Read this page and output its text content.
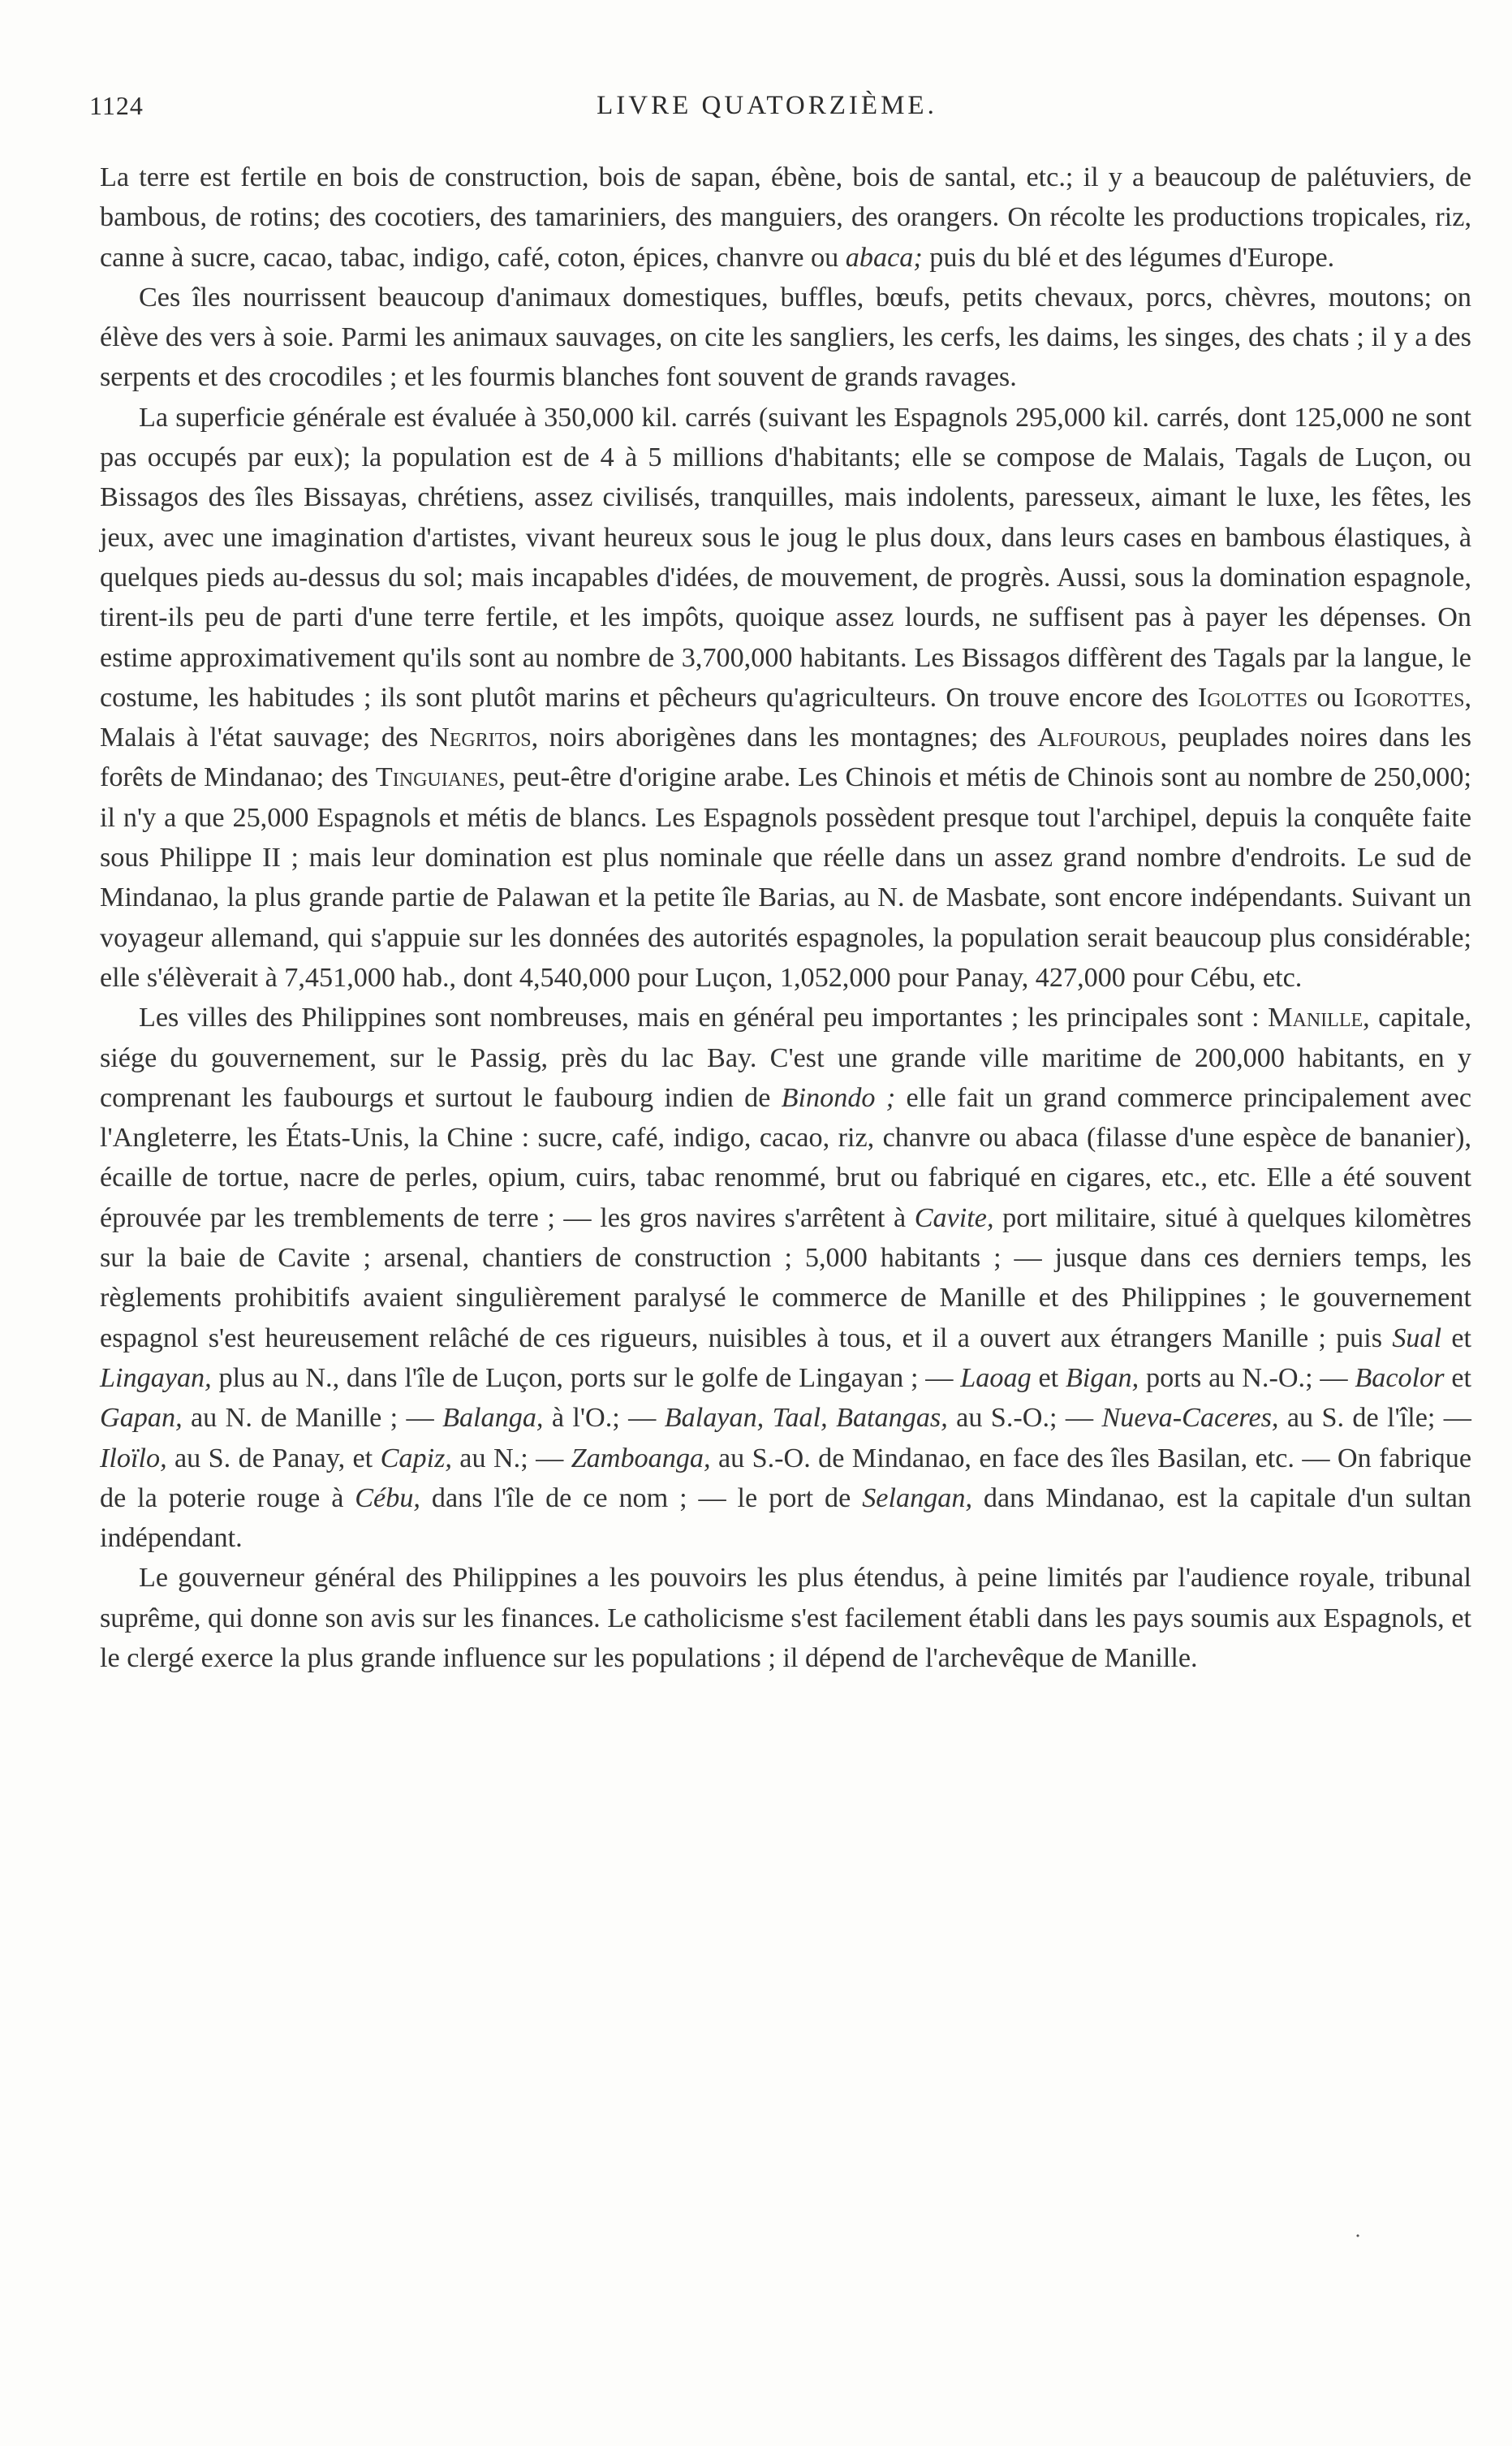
1124	LIVRE QUATORZIÈME.

La terre est fertile en bois de construction, bois de sapan, ébène, bois de santal, etc.; il y a beaucoup de palétuviers, de bambous, de rotins; des cocotiers, des tamariniers, des manguiers, des orangers. On récolte les productions tropicales, riz, canne à sucre, cacao, tabac, indigo, café, coton, épices, chanvre ou abaca; puis du blé et des légumes d'Europe.

Ces îles nourrissent beaucoup d'animaux domestiques, buffles, bœufs, petits chevaux, porcs, chèvres, moutons; on élève des vers à soie. Parmi les animaux sauvages, on cite les sangliers, les cerfs, les daims, les singes, des chats ; il y a des serpents et des crocodiles ; et les fourmis blanches font souvent de grands ravages.

La superficie générale est évaluée à 350,000 kil. carrés (suivant les Espagnols 295,000 kil. carrés, dont 125,000 ne sont pas occupés par eux); la population est de 4 à 5 millions d'habitants; elle se compose de Malais, Tagals de Luçon, ou Bissagos des îles Bissayas, chrétiens, assez civilisés, tranquilles, mais indolents, paresseux, aimant le luxe, les fêtes, les jeux, avec une imagination d'artistes, vivant heureux sous le joug le plus doux, dans leurs cases en bambous élastiques, à quelques pieds au-dessus du sol; mais incapables d'idées, de mouvement, de progrès. Aussi, sous la domination espagnole, tirent-ils peu de parti d'une terre fertile, et les impôts, quoique assez lourds, ne suffisent pas à payer les dépenses. On estime approximativement qu'ils sont au nombre de 3,700,000 habitants. Les Bissagos diffèrent des Tagals par la langue, le costume, les habitudes ; ils sont plutôt marins et pêcheurs qu'agriculteurs. On trouve encore des Igolottes ou Igorottes, Malais à l'état sauvage; des Negritos, noirs aborigènes dans les montagnes; des Alfourous, peuplades noires dans les forêts de Mindanao; des Tinguianes, peut-être d'origine arabe. Les Chinois et métis de Chinois sont au nombre de 250,000; il n'y a que 25,000 Espagnols et métis de blancs. Les Espagnols possèdent presque tout l'archipel, depuis la conquête faite sous Philippe II ; mais leur domination est plus nominale que réelle dans un assez grand nombre d'endroits. Le sud de Mindanao, la plus grande partie de Palawan et la petite île Barias, au N. de Masbate, sont encore indépendants. Suivant un voyageur allemand, qui s'appuie sur les données des autorités espagnoles, la population serait beaucoup plus considérable; elle s'élèverait à 7,451,000 hab., dont 4,540,000 pour Luçon, 1,052,000 pour Panay, 427,000 pour Cébu, etc.

Les villes des Philippines sont nombreuses, mais en général peu importantes ; les principales sont : Manille, capitale, siége du gouvernement, sur le Passig, près du lac Bay. C'est une grande ville maritime de 200,000 habitants, en y comprenant les faubourgs et surtout le faubourg indien de Binondo ; elle fait un grand commerce principalement avec l'Angleterre, les États-Unis, la Chine : sucre, café, indigo, cacao, riz, chanvre ou abaca (filasse d'une espèce de bananier), écaille de tortue, nacre de perles, opium, cuirs, tabac renommé, brut ou fabriqué en cigares, etc., etc. Elle a été souvent éprouvée par les tremblements de terre ; — les gros navires s'arrêtent à Cavite, port militaire, situé à quelques kilomètres sur la baie de Cavite ; arsenal, chantiers de construction ; 5,000 habitants ; — jusque dans ces derniers temps, les règlements prohibitifs avaient singulièrement paralysé le commerce de Manille et des Philippines ; le gouvernement espagnol s'est heureusement relâché de ces rigueurs, nuisibles à tous, et il a ouvert aux étrangers Manille ; puis Sual et Lingayan, plus au N., dans l'île de Luçon, ports sur le golfe de Lingayan ; — Laoag et Bigan, ports au N.-O.; — Bacolor et Gapan, au N. de Manille ; — Balanga, à l'O.; — Balayan, Taal, Batangas, au S.-O.; — Nueva-Caceres, au S. de l'île; — Iloïlo, au S. de Panay, et Capiz, au N.; — Zamboanga, au S.-O. de Mindanao, en face des îles Basilan, etc. — On fabrique de la poterie rouge à Cébu, dans l'île de ce nom ; — le port de Selangan, dans Mindanao, est la capitale d'un sultan indépendant.

Le gouverneur général des Philippines a les pouvoirs les plus étendus, à peine limités par l'audience royale, tribunal suprême, qui donne son avis sur les finances. Le catholicisme s'est facilement établi dans les pays soumis aux Espagnols, et le clergé exerce la plus grande influence sur les populations ; il dépend de l'archevêque de Manille.

˙
